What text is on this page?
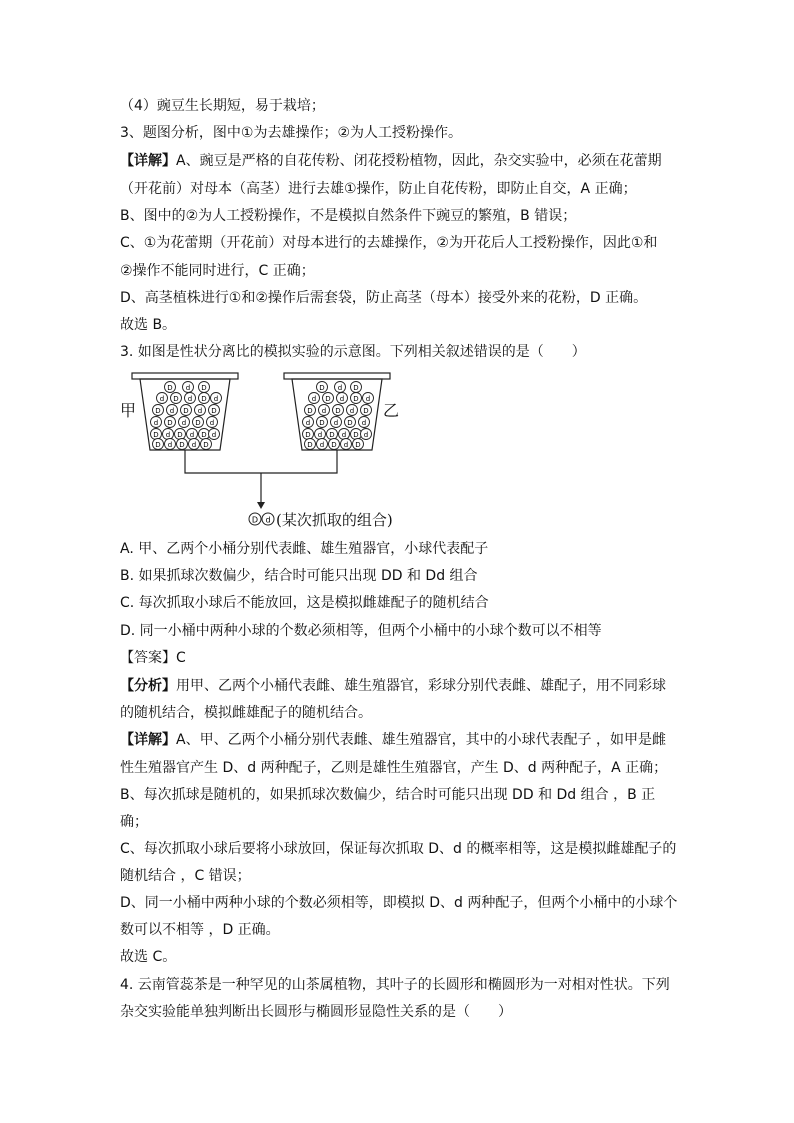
（4）豌豆生长期短，易于栽培；
3、题图分析，图中①为去雄操作；②为人工授粉操作。
【详解】A、豌豆是严格的自花传粉、闭花授粉植物，因此，杂交实验中，必须在花蕾期
（开花前）对母本（高茎）进行去雄①操作，防止自花传粉，即防止自交，A 正确；
B、图中的②为人工授粉操作，不是模拟自然条件下豌豆的繁殖，B 错误；
C、①为花蕾期（开花前）对母本进行的去雄操作，②为开花后人工授粉操作，因此①和
②操作不能同时进行，C 正确；
D、高茎植株进行①和②操作后需套袋，防止高茎（母本）接受外来的花粉，D 正确。
故选 B。
3. 如图是性状分离比的模拟实验的示意图。下列相关叙述错误的是（　　）
甲	乙
D d D
d D d D d
D d D d D
d D d D d
D d D d D d
D d D d D
D d D
d D d D d
D d D d D
d D d D d
D d D d D d
D d D d D
D d (某次抓取的组合)
A. 甲、乙两个小桶分别代表雌、雄生殖器官，小球代表配子
B. 如果抓球次数偏少，结合时可能只出现 DD 和 Dd 组合
C. 每次抓取小球后不能放回，这是模拟雌雄配子的随机结合
D. 同一小桶中两种小球的个数必须相等，但两个小桶中的小球个数可以不相等
【答案】C
【分析】用甲、乙两个小桶代表雌、雄生殖器官，彩球分别代表雌、雄配子，用不同彩球
的随机结合，模拟雌雄配子的随机结合。
【详解】A、甲、乙两个小桶分别代表雌、雄生殖器官，其中的小球代表配子 ，如甲是雌
性生殖器官产生 D、d 两种配子，乙则是雄性生殖器官，产生 D、d 两种配子，A 正确；
B、每次抓球是随机的，如果抓球次数偏少，结合时可能只出现 DD 和 Dd 组合 ，B 正
确；
C、每次抓取小球后要将小球放回，保证每次抓取 D、d 的概率相等，这是模拟雌雄配子的
随机结合 ，C 错误；
D、同一小桶中两种小球的个数必须相等，即模拟 D、d 两种配子，但两个小桶中的小球个
数可以不相等 ，D 正确。
故选 C。
4. 云南管蕊茶是一种罕见的山茶属植物，其叶子的长圆形和椭圆形为一对相对性状。下列
杂交实验能单独判断出长圆形与椭圆形显隐性关系的是（　　）
